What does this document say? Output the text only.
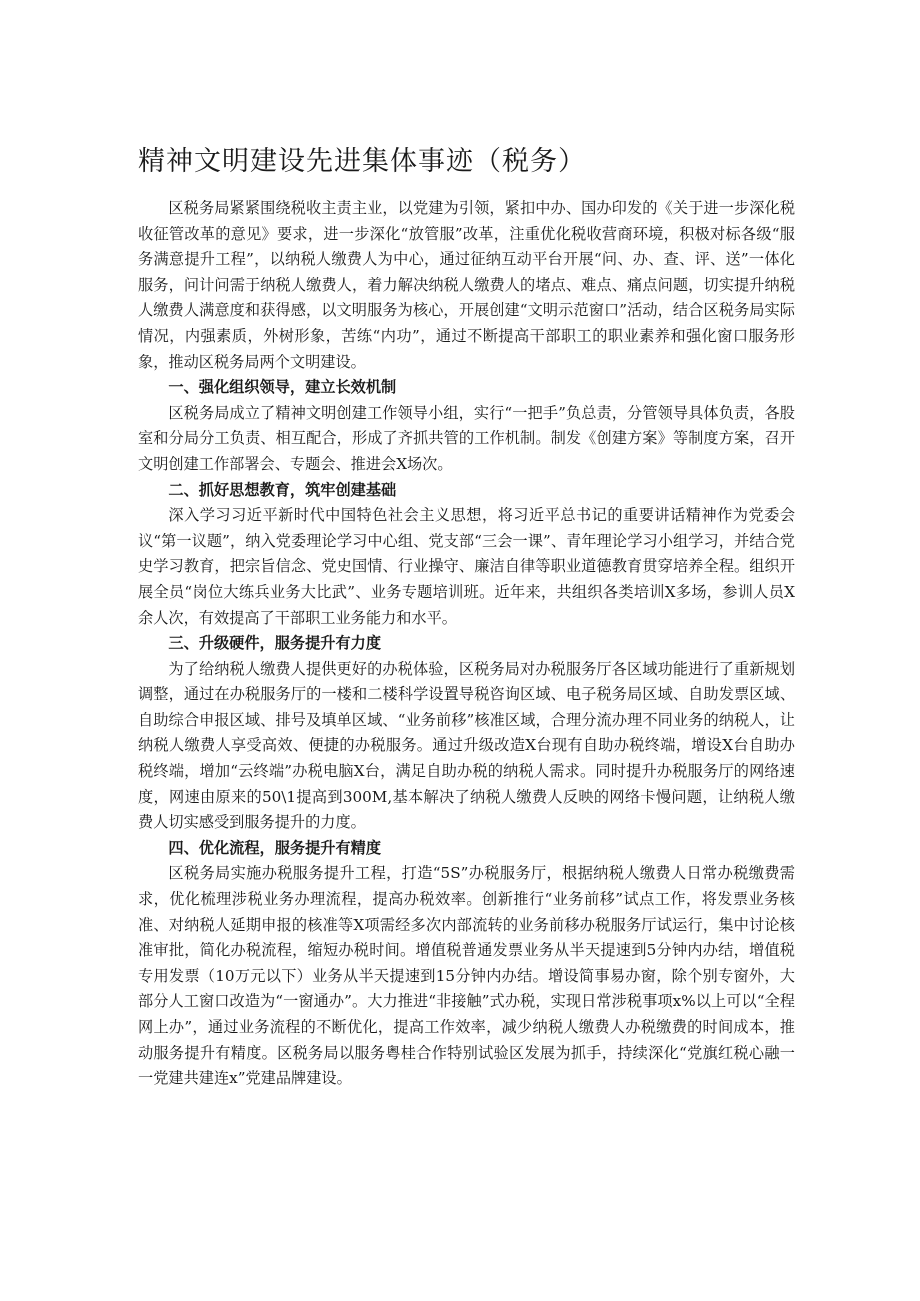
精神文明建设先进集体事迹（税务）

区税务局紧紧围绕税收主责主业，以党建为引领，紧扣中办、国办印发的《关于进一步深化税收征管改革的意见》要求，进一步深化“放管服”改革，注重优化税收营商环境，积极对标各级“服务满意提升工程”，以纳税人缴费人为中心，通过征纳互动平台开展“问、办、查、评、送”一体化服务，问计问需于纳税人缴费人，着力解决纳税人缴费人的堵点、难点、痛点问题，切实提升纳税人缴费人满意度和获得感，以文明服务为核心，开展创建“文明示范窗口”活动，结合区税务局实际情况，内强素质，外树形象，苦练“内功”，通过不断提高干部职工的职业素养和强化窗口服务形象，推动区税务局两个文明建设。

一、强化组织领导，建立长效机制

区税务局成立了精神文明创建工作领导小组，实行“一把手”负总责，分管领导具体负责，各股室和分局分工负责、相互配合，形成了齐抓共管的工作机制。制发《创建方案》等制度方案，召开文明创建工作部署会、专题会、推进会X场次。

二、抓好思想教育，筑牢创建基础

深入学习习近平新时代中国特色社会主义思想，将习近平总书记的重要讲话精神作为党委会议“第一议题”，纳入党委理论学习中心组、党支部“三会一课”、青年理论学习小组学习，并结合党史学习教育，把宗旨信念、党史国情、行业操守、廉洁自律等职业道德教育贯穿培养全程。组织开展全员“岗位大练兵业务大比武”、业务专题培训班。近年来，共组织各类培训X多场，参训人员X余人次，有效提高了干部职工业务能力和水平。

三、升级硬件，服务提升有力度

为了给纳税人缴费人提供更好的办税体验，区税务局对办税服务厅各区域功能进行了重新规划调整，通过在办税服务厅的一楼和二楼科学设置导税咨询区域、电子税务局区域、自助发票区域、自助综合申报区域、排号及填单区域、“业务前移”核准区域，合理分流办理不同业务的纳税人，让纳税人缴费人享受高效、便捷的办税服务。通过升级改造X台现有自助办税终端，增设X台自助办税终端，增加“云终端”办税电脑X台，满足自助办税的纳税人需求。同时提升办税服务厅的网络速度，网速由原来的50\1提高到300M,基本解决了纳税人缴费人反映的网络卡慢问题，让纳税人缴费人切实感受到服务提升的力度。

四、优化流程，服务提升有精度

区税务局实施办税服务提升工程，打造“5S”办税服务厅，根据纳税人缴费人日常办税缴费需求，优化梳理涉税业务办理流程，提高办税效率。创新推行“业务前移”试点工作，将发票业务核准、对纳税人延期申报的核准等X项需经多次内部流转的业务前移办税服务厅试运行，集中讨论核准审批，简化办税流程，缩短办税时间。增值税普通发票业务从半天提速到5分钟内办结，增值税专用发票（10万元以下）业务从半天提速到15分钟内办结。增设简事易办窗，除个别专窗外，大部分人工窗口改造为“一窗通办”。大力推进“非接触”式办税，实现日常涉税事项x%以上可以“全程网上办”，通过业务流程的不断优化，提高工作效率，减少纳税人缴费人办税缴费的时间成本，推动服务提升有精度。区税务局以服务粤桂合作特别试验区发展为抓手，持续深化“党旗红税心融一一党建共建连x”党建品牌建设。
